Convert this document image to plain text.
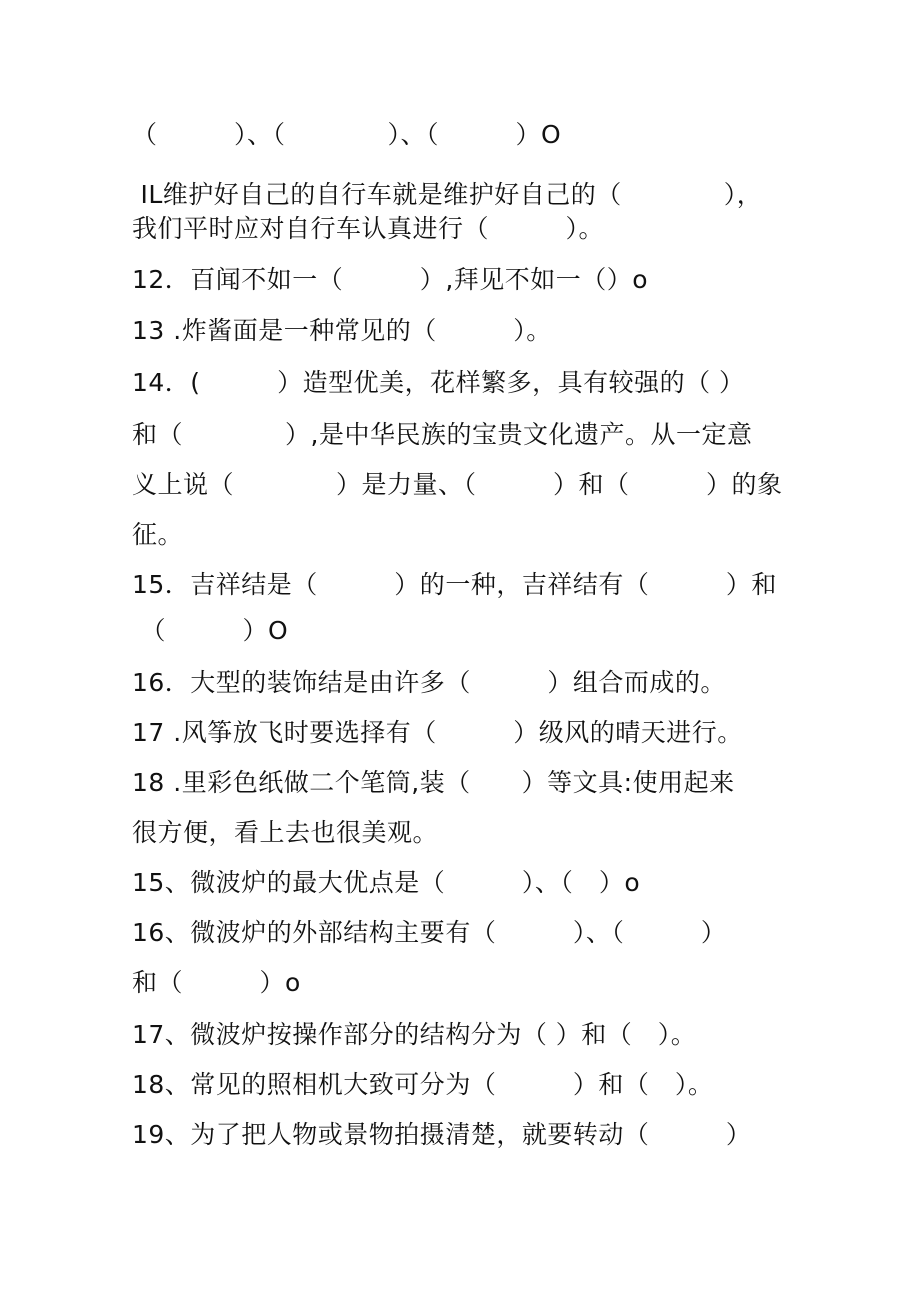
（　　　）、（　　　　）、（　　　）O
IL维护好自己的自行车就是维护好自己的（　　　　），
我们平时应对自行车认真进行（　　　）。
12．百闻不如一（　　　）,拜见不如一（）o
13 .炸酱面是一种常见的（　　　）。
14．(　　　）造型优美，花样繁多，具有较强的（ ）
和（　　　　）,是中华民族的宝贵文化遗产。从一定意
义上说（　　　　）是力量、（　　　）和（　　　）的象
征。
15．吉祥结是（　　　）的一种，吉祥结有（　　　）和
（　　　）O
16．大型的装饰结是由许多（　　　）组合而成的。
17 .风筝放飞时要选择有（　　　）级风的晴天进行。
18 .里彩色纸做二个笔筒,装（　　）等文具:使用起来
很方便，看上去也很美观。
15、微波炉的最大优点是（　　　）、（　）o
16、微波炉的外部结构主要有（　　　）、（　　　）
和（　　　）o
17、微波炉按操作部分的结构分为（ ）和（　）。
18、常见的照相机大致可分为（　　　）和（　）。
19、为了把人物或景物拍摄清楚，就要转动（　　　）
